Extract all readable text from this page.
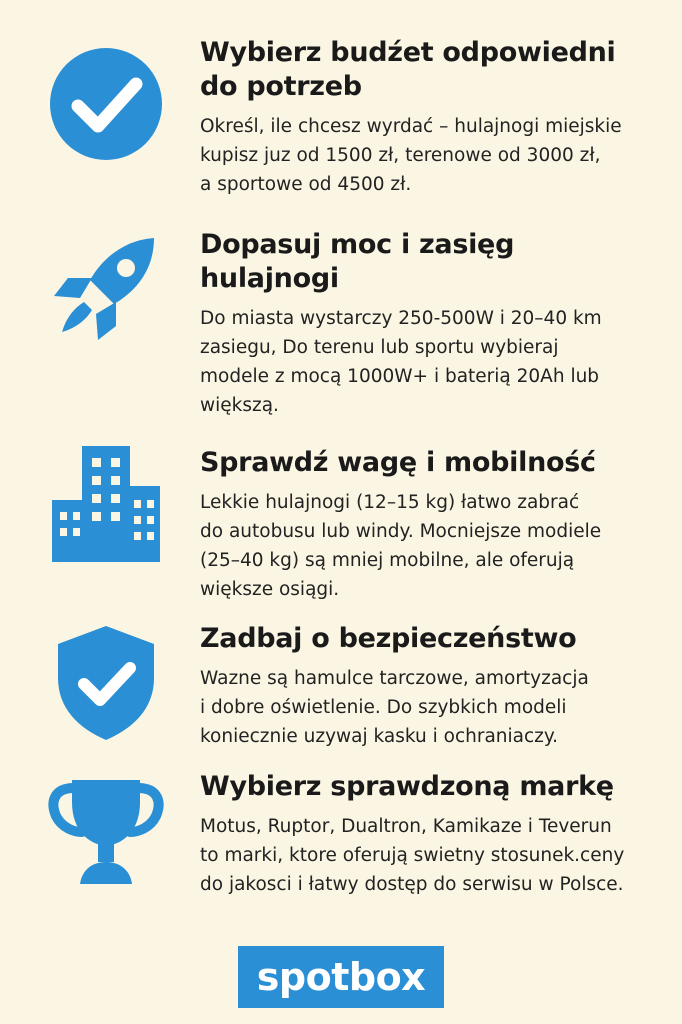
Wybierz budźet odpowiedni
do potrzeb
Określ, ile chcesz wyrdać – hulajnogi miejskie
kupisz juz od 1500 zł, terenowe od 3000 zł,
a sportowe od 4500 zł.
Dopasuj moc i zasięg
hulajnogi
Do miasta wystarczy 250-500W i 20–40 km
zasiegu, Do terenu lub sportu wybieraj
modele z mocą 1000W+ i baterią 20Ah lub
większą.
Sprawdź wagę i mobilność
Lekkie hulajnogi (12–15 kg) łatwo zabrać
do autobusu lub windy. Mocniejsze modiele
(25–40 kg) są mniej mobilne, ale oferują
większe osiągi.
Zadbaj o bezpieczeństwo
Wazne są hamulce tarczowe, amortyzacja
i dobre oświetlenie. Do szybkich modeli
koniecznie uzywaj kasku i ochraniaczy.
Wybierz sprawdzoną markę
Motus, Ruptor, Dualtron, Kamikaze i Teverun
to marki, ktore oferują swietny stosunek.ceny
do jakosci i łatwy dostęp do serwisu w Polsce.
spotbox
